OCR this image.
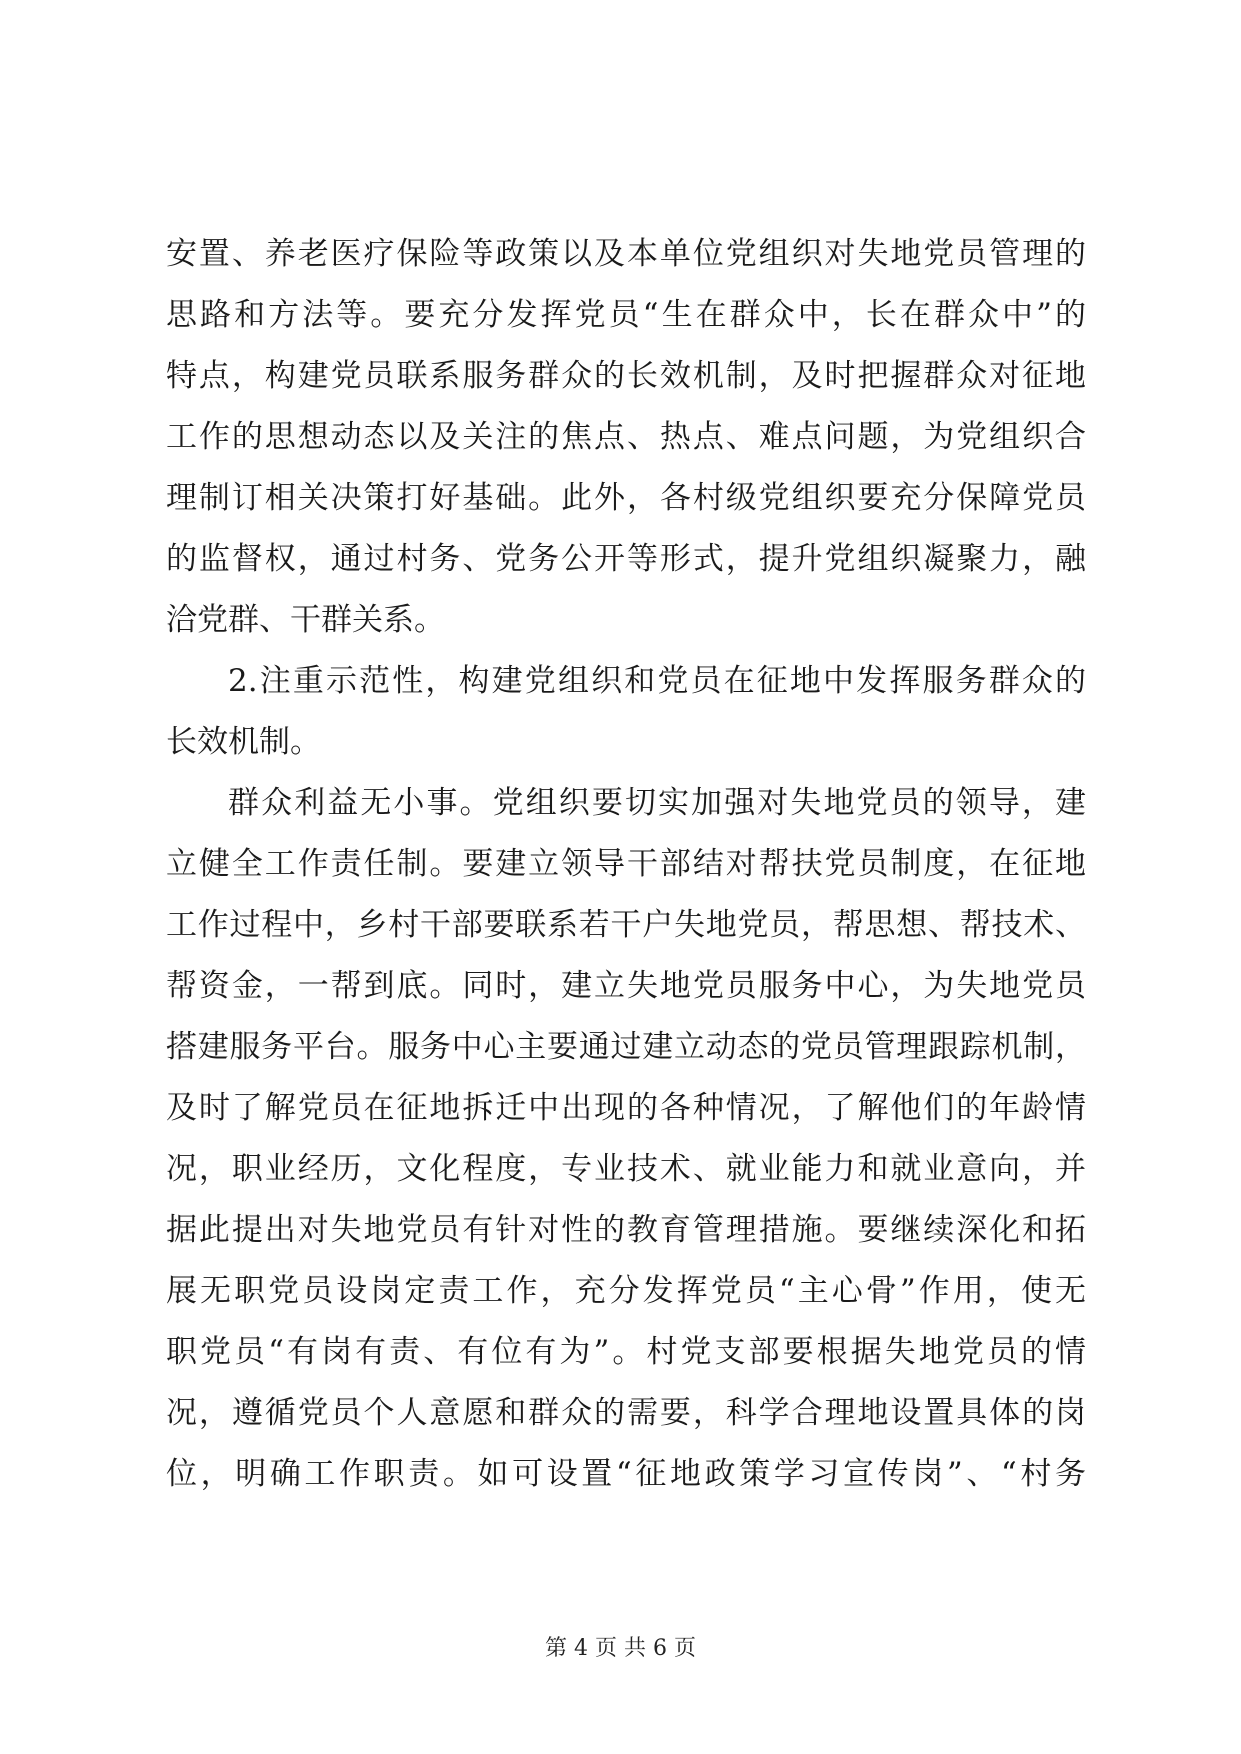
安置、养老医疗保险等政策以及本单位党组织对失地党员管理的
思路和方法等。要充分发挥党员“生在群众中，长在群众中”的
特点，构建党员联系服务群众的长效机制，及时把握群众对征地
工作的思想动态以及关注的焦点、热点、难点问题，为党组织合
理制订相关决策打好基础。此外，各村级党组织要充分保障党员
的监督权，通过村务、党务公开等形式，提升党组织凝聚力，融
洽党群、干群关系。
2.注重示范性，构建党组织和党员在征地中发挥服务群众的
长效机制。
群众利益无小事。党组织要切实加强对失地党员的领导，建
立健全工作责任制。要建立领导干部结对帮扶党员制度，在征地
工作过程中，乡村干部要联系若干户失地党员，帮思想、帮技术、
帮资金，一帮到底。同时，建立失地党员服务中心，为失地党员
搭建服务平台。服务中心主要通过建立动态的党员管理跟踪机制，
及时了解党员在征地拆迁中出现的各种情况，了解他们的年龄情
况，职业经历，文化程度，专业技术、就业能力和就业意向，并
据此提出对失地党员有针对性的教育管理措施。要继续深化和拓
展无职党员设岗定责工作，充分发挥党员“主心骨”作用，使无
职党员“有岗有责、有位有为”。村党支部要根据失地党员的情
况，遵循党员个人意愿和群众的需要，科学合理地设置具体的岗
位，明确工作职责。如可设置“征地政策学习宣传岗”、“村务
第 4 页 共 6 页
